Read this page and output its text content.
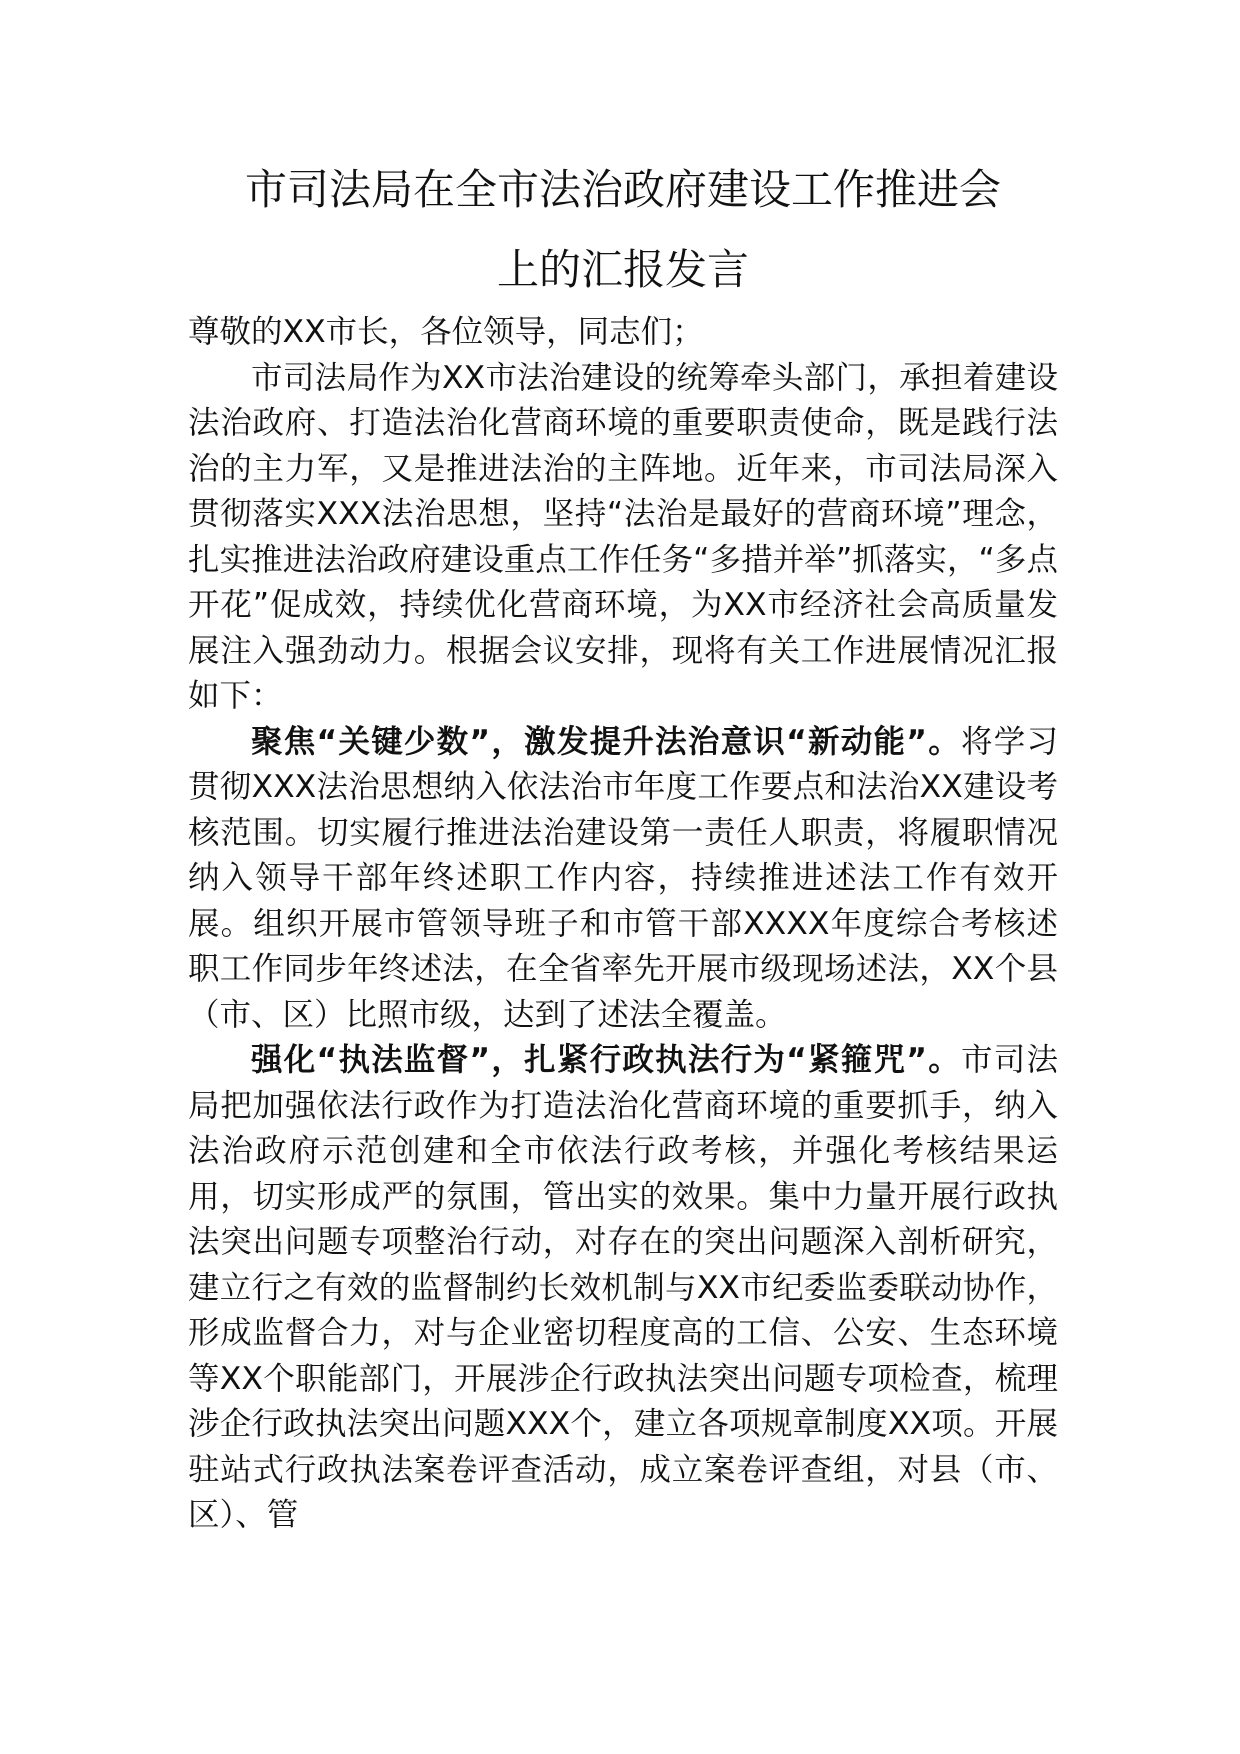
市司法局在全市法治政府建设工作推进会
上的汇报发言

尊敬的XX市长，各位领导，同志们；

市司法局作为XX市法治建设的统筹牵头部门，承担着建设法治政府、打造法治化营商环境的重要职责使命，既是践行法治的主力军，又是推进法治的主阵地。近年来，市司法局深入贯彻落实XXX法治思想，坚持“法治是最好的营商环境”理念，扎实推进法治政府建设重点工作任务“多措并举”抓落实，“多点开花”促成效，持续优化营商环境，为XX市经济社会高质量发展注入强劲动力。根据会议安排，现将有关工作进展情况汇报如下：

聚焦“关键少数”，激发提升法治意识“新动能”。将学习贯彻XXX法治思想纳入依法治市年度工作要点和法治XX建设考核范围。切实履行推进法治建设第一责任人职责，将履职情况纳入领导干部年终述职工作内容，持续推进述法工作有效开展。组织开展市管领导班子和市管干部XXXX年度综合考核述职工作同步年终述法，在全省率先开展市级现场述法，XX个县（市、区）比照市级，达到了述法全覆盖。

强化“执法监督”，扎紧行政执法行为“紧箍咒”。市司法局把加强依法行政作为打造法治化营商环境的重要抓手，纳入法治政府示范创建和全市依法行政考核，并强化考核结果运用，切实形成严的氛围，管出实的效果。集中力量开展行政执法突出问题专项整治行动，对存在的突出问题深入剖析研究，建立行之有效的监督制约长效机制与XX市纪委监委联动协作，形成监督合力，对与企业密切程度高的工信、公安、生态环境等XX个职能部门，开展涉企行政执法突出问题专项检查，梳理涉企行政执法突出问题XXX个，建立各项规章制度XX项。开展驻站式行政执法案卷评查活动，成立案卷评查组，对县（市、区）、管
